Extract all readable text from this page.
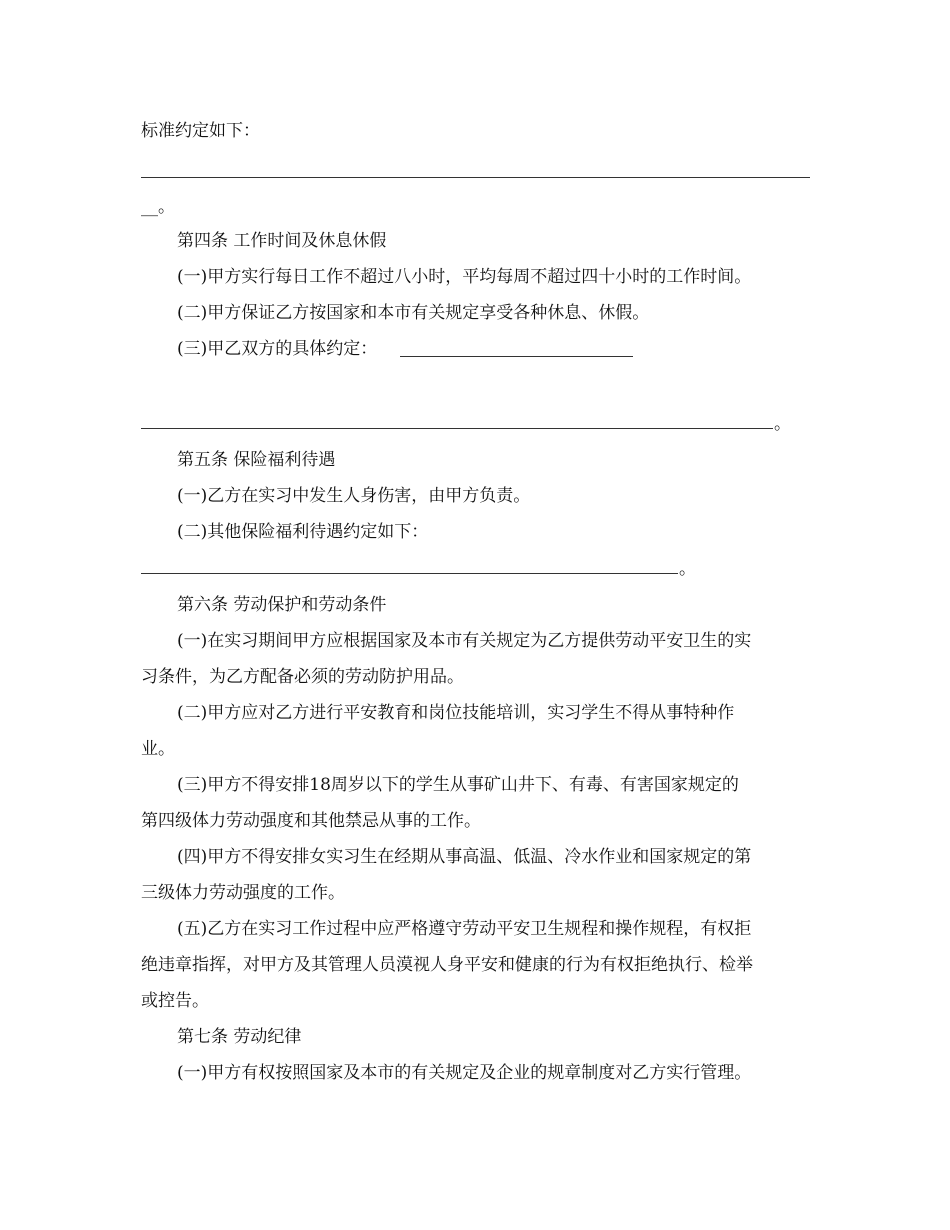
标准约定如下：
__。
第四条 工作时间及休息休假
(一)甲方实行每日工作不超过八小时，平均每周不超过四十小时的工作时间。
(二)甲方保证乙方按国家和本市有关规定享受各种休息、休假。
(三)甲乙双方的具体约定：
。
第五条 保险福利待遇
(一)乙方在实习中发生人身伤害，由甲方负责。
(二)其他保险福利待遇约定如下：
。
第六条 劳动保护和劳动条件
(一)在实习期间甲方应根据国家及本市有关规定为乙方提供劳动平安卫生的实
习条件，为乙方配备必须的劳动防护用品。
(二)甲方应对乙方进行平安教育和岗位技能培训，实习学生不得从事特种作
业。
(三)甲方不得安排18周岁以下的学生从事矿山井下、有毒、有害国家规定的
第四级体力劳动强度和其他禁忌从事的工作。
(四)甲方不得安排女实习生在经期从事高温、低温、冷水作业和国家规定的第
三级体力劳动强度的工作。
(五)乙方在实习工作过程中应严格遵守劳动平安卫生规程和操作规程，有权拒
绝违章指挥，对甲方及其管理人员漠视人身平安和健康的行为有权拒绝执行、检举
或控告。
第七条 劳动纪律
(一)甲方有权按照国家及本市的有关规定及企业的规章制度对乙方实行管理。
